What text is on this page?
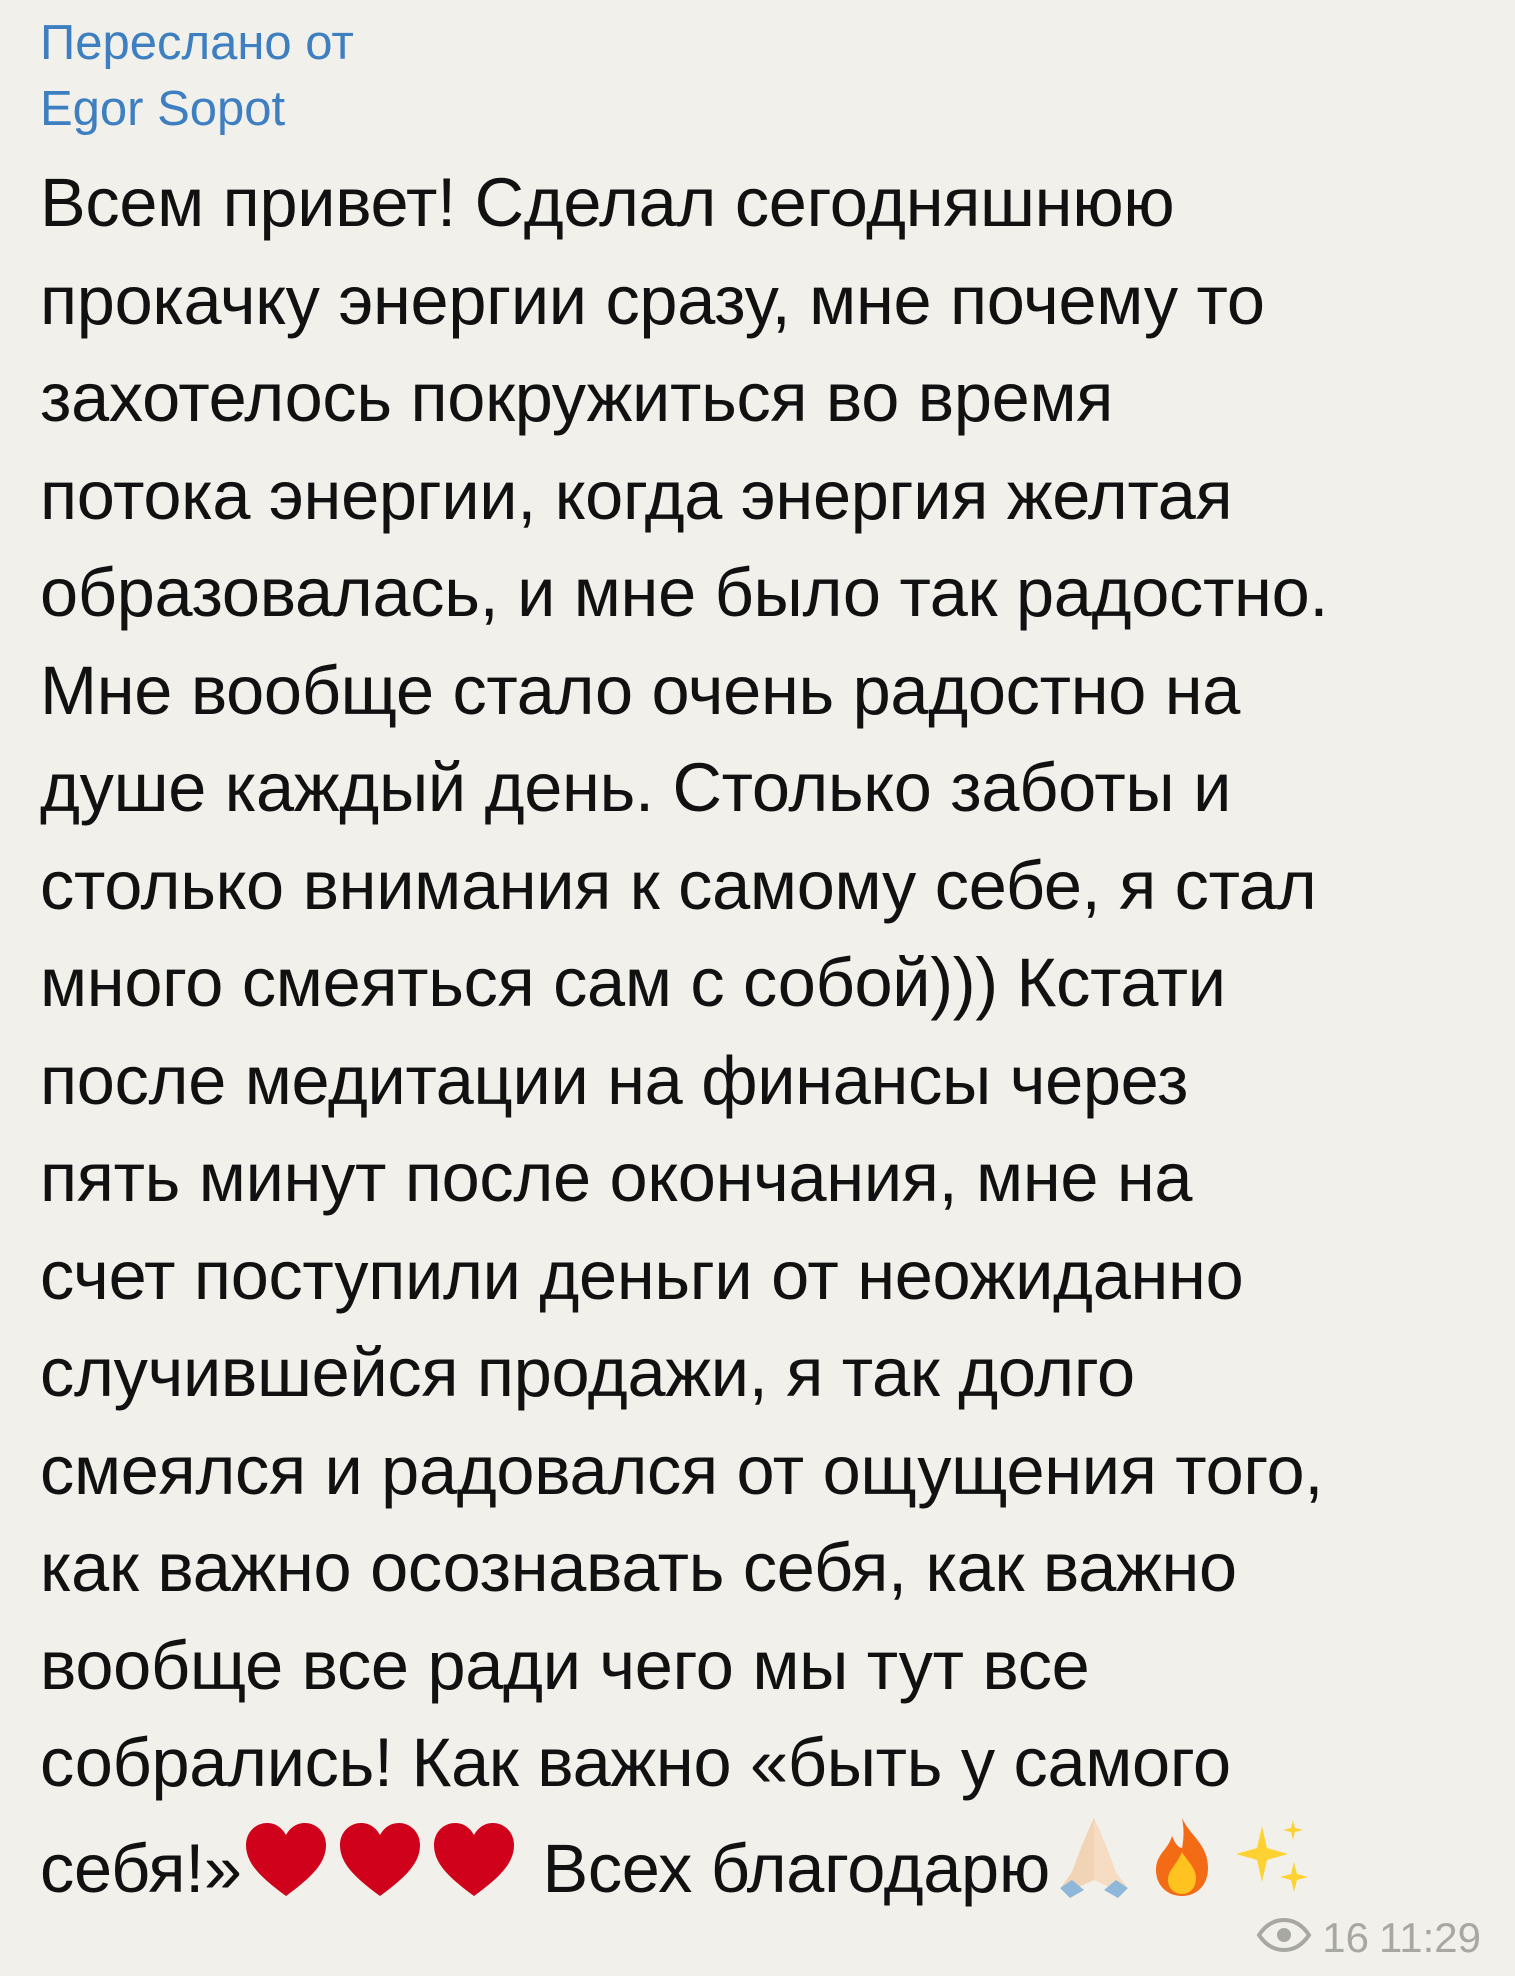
Переслано от
Egor Sopot
Всем привет! Сделал сегодняшнюю
прокачку энергии сразу, мне почему то
захотелось покружиться во время
потока энергии, когда энергия желтая
образовалась, и мне было так радостно.
Мне вообще стало очень радостно на
душе каждый день. Столько заботы и
столько внимания к самому себе, я стал
много смеяться сам с собой))) Кстати
после медитации на финансы через
пять минут после окончания, мне на
счет поступили деньги от неожиданно
случившейся продажи, я так долго
смеялся и радовался от ощущения того,
как важно осознавать себя, как важно
вообще все ради чего мы тут все
собрались! Как важно «быть у самого
себя!»	Всех благодарю
16 11:29
